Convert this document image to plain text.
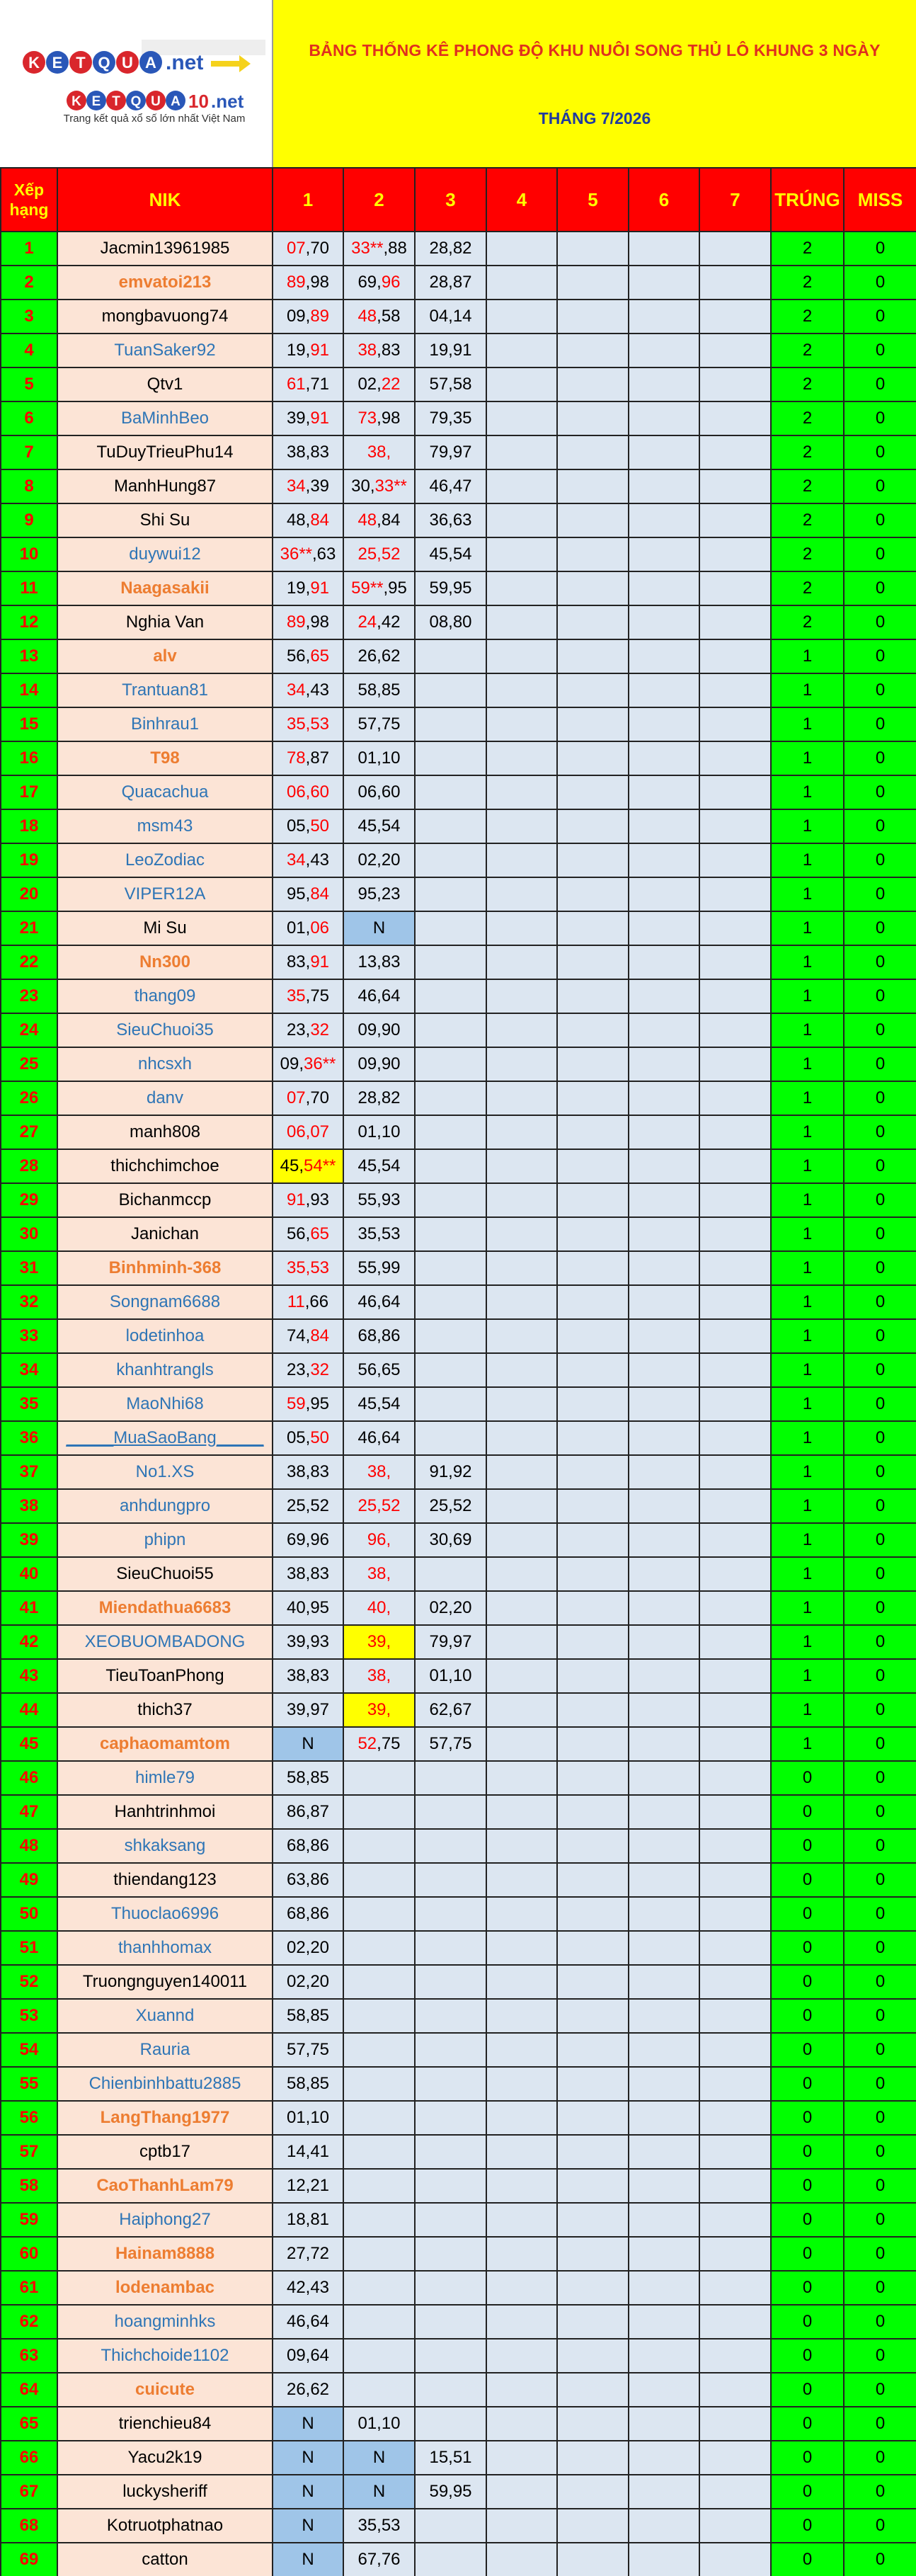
K E T Q U A .net
K E T Q U A 10 .net
Trang kết quả xổ số lớn nhất Việt Nam
BẢNG THỐNG KÊ PHONG ĐỘ KHU NUÔI SONG THỦ LÔ KHUNG 3 NGÀY
THÁNG 7/2026
Xếp hạng	NIK	1	2	3	4	5	6	7	TRÚNG	MISS
1	Jacmin13961985	07,70	33**,88	28,82					2	0
2	emvatoi213	89,98	69,96	28,87					2	0
3	mongbavuong74	09,89	48,58	04,14					2	0
4	TuanSaker92	19,91	38,83	19,91					2	0
5	Qtv1	61,71	02,22	57,58					2	0
6	BaMinhBeo	39,91	73,98	79,35					2	0
7	TuDuyTrieuPhu14	38,83	38,	79,97					2	0
8	ManhHung87	34,39	30,33**	46,47					2	0
9	Shi Su	48,84	48,84	36,63					2	0
10	duywui12	36**,63	25,52	45,54					2	0
11	Naagasakii	19,91	59**,95	59,95					2	0
12	Nghia Van	89,98	24,42	08,80					2	0
13	alv	56,65	26,62						1	0
14	Trantuan81	34,43	58,85						1	0
15	Binhrau1	35,53	57,75						1	0
16	T98	78,87	01,10						1	0
17	Quacachua	06,60	06,60						1	0
18	msm43	05,50	45,54						1	0
19	LeoZodiac	34,43	02,20						1	0
20	VIPER12A	95,84	95,23						1	0
21	Mi Su	01,06	N						1	0
22	Nn300	83,91	13,83						1	0
23	thang09	35,75	46,64						1	0
24	SieuChuoi35	23,32	09,90						1	0
25	nhcsxh	09,36**	09,90						1	0
26	danv	07,70	28,82						1	0
27	manh808	06,07	01,10						1	0
28	thichchimchoe	45,54**	45,54						1	0
29	Bichanmccp	91,93	55,93						1	0
30	Janichan	56,65	35,53						1	0
31	Binhminh-368	35,53	55,99						1	0
32	Songnam6688	11,66	46,64						1	0
33	lodetinhoa	74,84	68,86						1	0
34	khanhtrangls	23,32	56,65						1	0
35	MaoNhi68	59,95	45,54						1	0
36	_____MuaSaoBang_____	05,50	46,64						1	0
37	No1.XS	38,83	38,	91,92					1	0
38	anhdungpro	25,52	25,52	25,52					1	0
39	phipn	69,96	96,	30,69					1	0
40	SieuChuoi55	38,83	38,						1	0
41	Miendathua6683	40,95	40,	02,20					1	0
42	XEOBUOMBADONG	39,93	39,	79,97					1	0
43	TieuToanPhong	38,83	38,	01,10					1	0
44	thich37	39,97	39,	62,67					1	0
45	caphaomamtom	N	52,75	57,75					1	0
46	himle79	58,85							0	0
47	Hanhtrinhmoi	86,87							0	0
48	shkaksang	68,86							0	0
49	thiendang123	63,86							0	0
50	Thuoclao6996	68,86							0	0
51	thanhhomax	02,20							0	0
52	Truongnguyen140011	02,20							0	0
53	Xuannd	58,85							0	0
54	Rauria	57,75							0	0
55	Chienbinhbattu2885	58,85							0	0
56	LangThang1977	01,10							0	0
57	cptb17	14,41							0	0
58	CaoThanhLam79	12,21							0	0
59	Haiphong27	18,81							0	0
60	Hainam8888	27,72							0	0
61	lodenambac	42,43							0	0
62	hoangminhks	46,64							0	0
63	Thichchoide1102	09,64							0	0
64	cuicute	26,62							0	0
65	trienchieu84	N	01,10						0	0
66	Yacu2k19	N	N	15,51					0	0
67	luckysheriff	N	N	59,95					0	0
68	Kotruotphatnao	N	35,53						0	0
69	catton	N	67,76						0	0
